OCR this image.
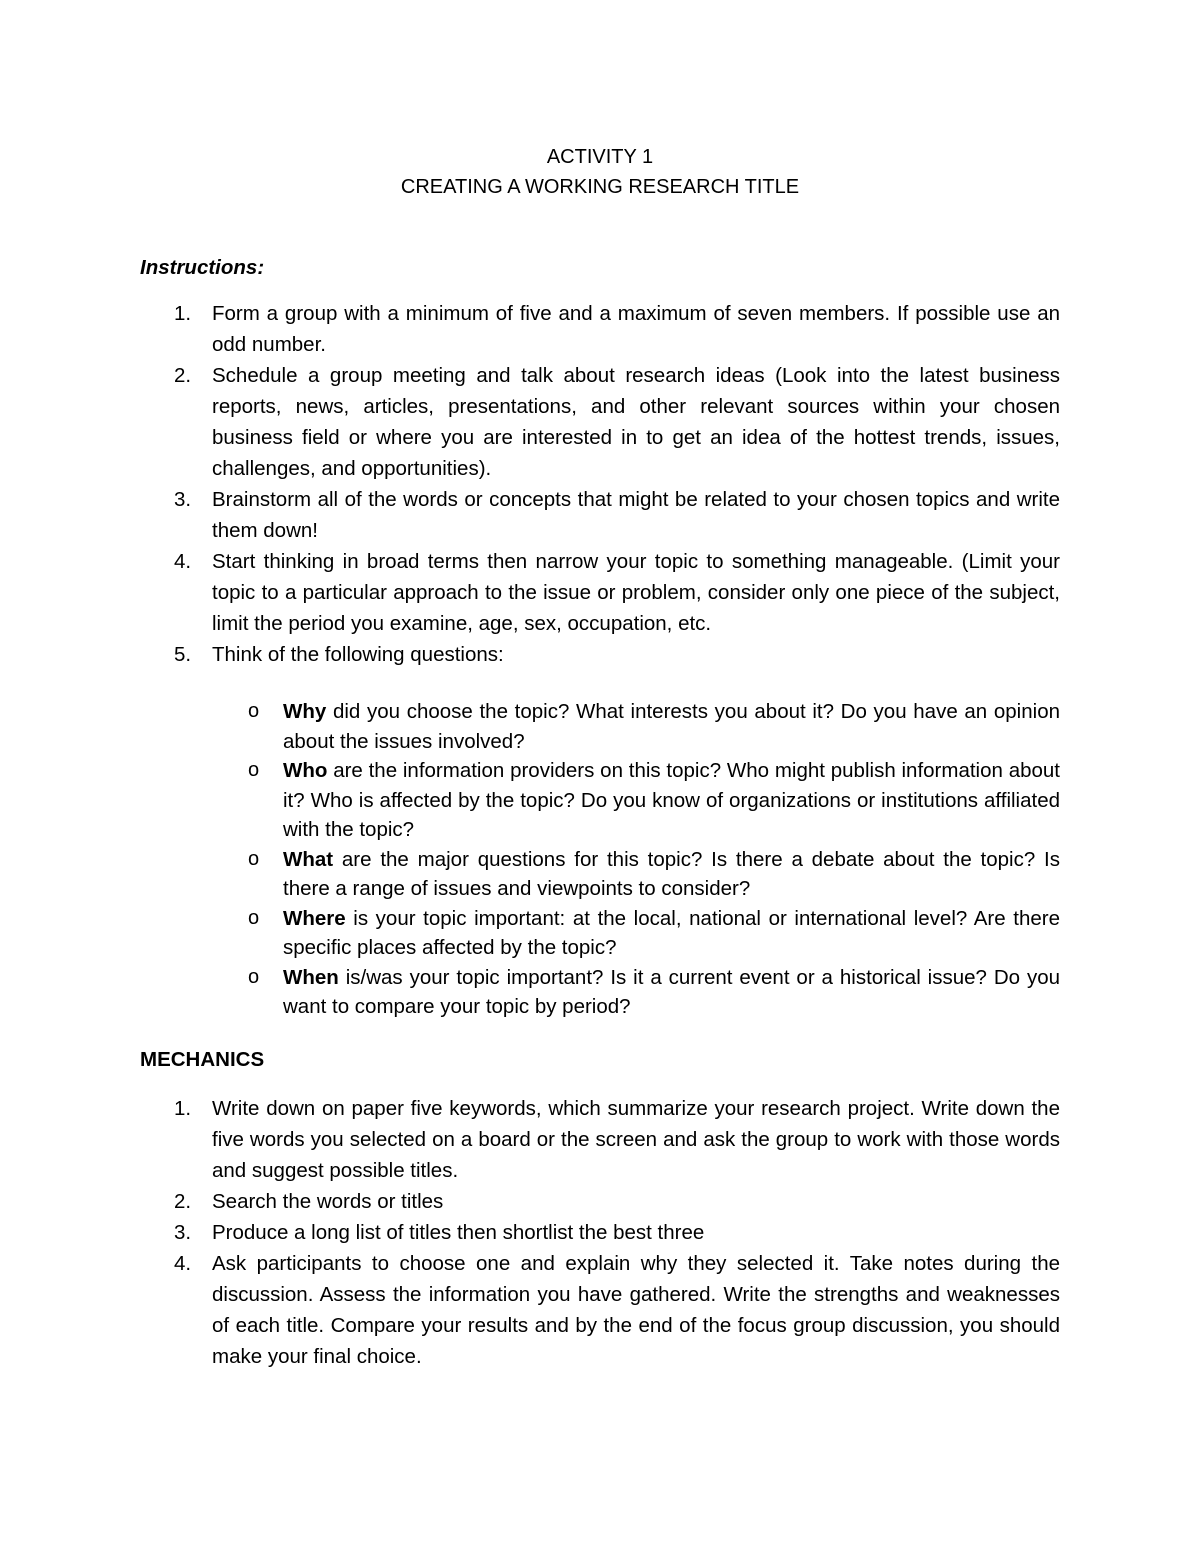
ACTIVITY 1
CREATING A WORKING RESEARCH TITLE
Instructions:
1. Form a group with a minimum of five and a maximum of seven members. If possible use an odd number.
2. Schedule a group meeting and talk about research ideas (Look into the latest business reports, news, articles, presentations, and other relevant sources within your chosen business field or where you are interested in to get an idea of the hottest trends, issues, challenges, and opportunities).
3. Brainstorm all of the words or concepts that might be related to your chosen topics and write them down!
4. Start thinking in broad terms then narrow your topic to something manageable. (Limit your topic to a particular approach to the issue or problem, consider only one piece of the subject, limit the period you examine, age, sex, occupation, etc.
5. Think of the following questions:
o Why did you choose the topic? What interests you about it? Do you have an opinion about the issues involved?
o Who are the information providers on this topic? Who might publish information about it? Who is affected by the topic? Do you know of organizations or institutions affiliated with the topic?
o What are the major questions for this topic? Is there a debate about the topic? Is there a range of issues and viewpoints to consider?
o Where is your topic important: at the local, national or international level? Are there specific places affected by the topic?
o When is/was your topic important? Is it a current event or a historical issue? Do you want to compare your topic by period?
MECHANICS
1. Write down on paper five keywords, which summarize your research project. Write down the five words you selected on a board or the screen and ask the group to work with those words and suggest possible titles.
2. Search the words or titles
3. Produce a long list of titles then shortlist the best three
4. Ask participants to choose one and explain why they selected it. Take notes during the discussion. Assess the information you have gathered. Write the strengths and weaknesses of each title. Compare your results and by the end of the focus group discussion, you should make your final choice.
